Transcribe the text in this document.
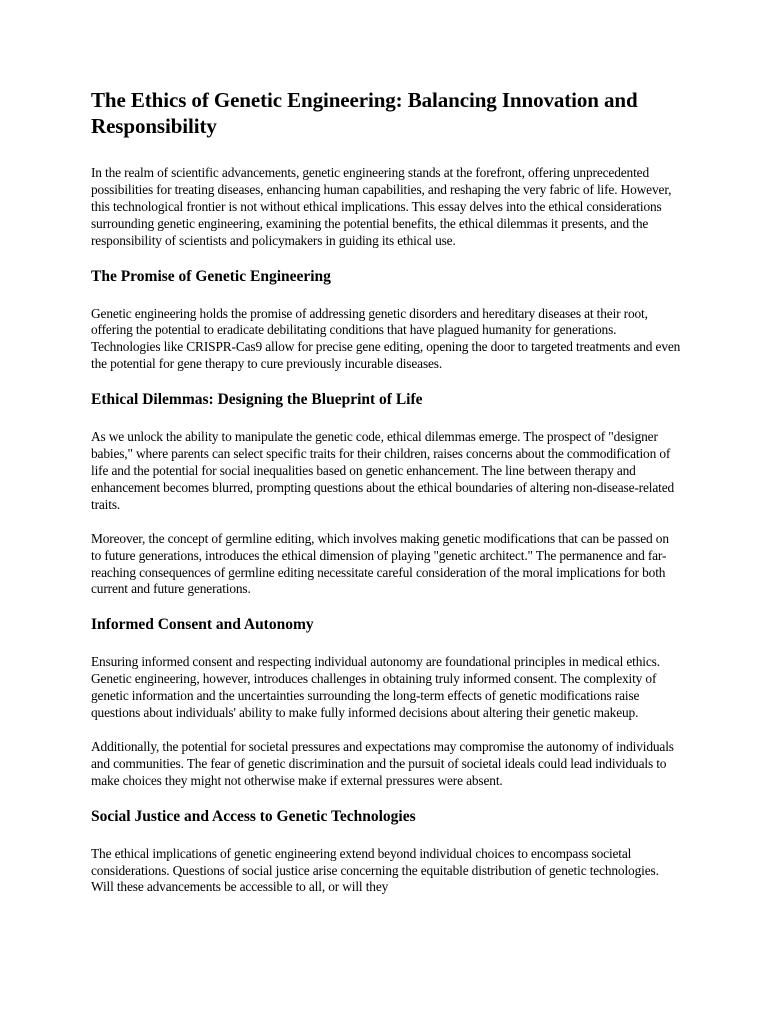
The Ethics of Genetic Engineering: Balancing Innovation and Responsibility

In the realm of scientific advancements, genetic engineering stands at the forefront, offering unprecedented possibilities for treating diseases, enhancing human capabilities, and reshaping the very fabric of life. However, this technological frontier is not without ethical implications. This essay delves into the ethical considerations surrounding genetic engineering, examining the potential benefits, the ethical dilemmas it presents, and the responsibility of scientists and policymakers in guiding its ethical use.

The Promise of Genetic Engineering

Genetic engineering holds the promise of addressing genetic disorders and hereditary diseases at their root, offering the potential to eradicate debilitating conditions that have plagued humanity for generations. Technologies like CRISPR-Cas9 allow for precise gene editing, opening the door to targeted treatments and even the potential for gene therapy to cure previously incurable diseases.

Ethical Dilemmas: Designing the Blueprint of Life

As we unlock the ability to manipulate the genetic code, ethical dilemmas emerge. The prospect of "designer babies," where parents can select specific traits for their children, raises concerns about the commodification of life and the potential for social inequalities based on genetic enhancement. The line between therapy and enhancement becomes blurred, prompting questions about the ethical boundaries of altering non-disease-related traits.

Moreover, the concept of germline editing, which involves making genetic modifications that can be passed on to future generations, introduces the ethical dimension of playing "genetic architect." The permanence and far-reaching consequences of germline editing necessitate careful consideration of the moral implications for both current and future generations.

Informed Consent and Autonomy

Ensuring informed consent and respecting individual autonomy are foundational principles in medical ethics. Genetic engineering, however, introduces challenges in obtaining truly informed consent. The complexity of genetic information and the uncertainties surrounding the long-term effects of genetic modifications raise questions about individuals' ability to make fully informed decisions about altering their genetic makeup.

Additionally, the potential for societal pressures and expectations may compromise the autonomy of individuals and communities. The fear of genetic discrimination and the pursuit of societal ideals could lead individuals to make choices they might not otherwise make if external pressures were absent.

Social Justice and Access to Genetic Technologies

The ethical implications of genetic engineering extend beyond individual choices to encompass societal considerations. Questions of social justice arise concerning the equitable distribution of genetic technologies. Will these advancements be accessible to all, or will they
